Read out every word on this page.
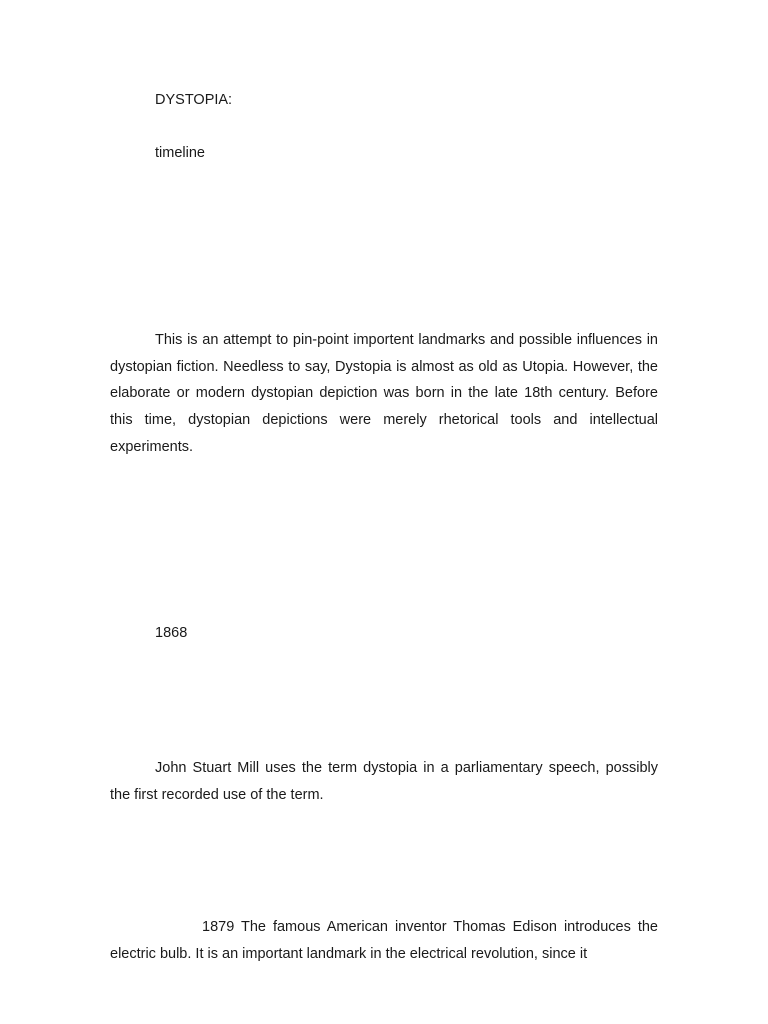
DYSTOPIA:
timeline

This is an attempt to pin-point importent landmarks and possible influences in dystopian fiction. Needless to say, Dystopia is almost as old as Utopia. However, the elaborate or modern dystopian depiction was born in the late 18th century. Before this time, dystopian depictions were merely rhetorical tools and intellectual experiments.

1868

John Stuart Mill uses the term dystopia in a parliamentary speech, possibly the first recorded use of the term.

1879 The famous American inventor Thomas Edison introduces the electric bulb. It is an important landmark in the electrical revolution, since it
